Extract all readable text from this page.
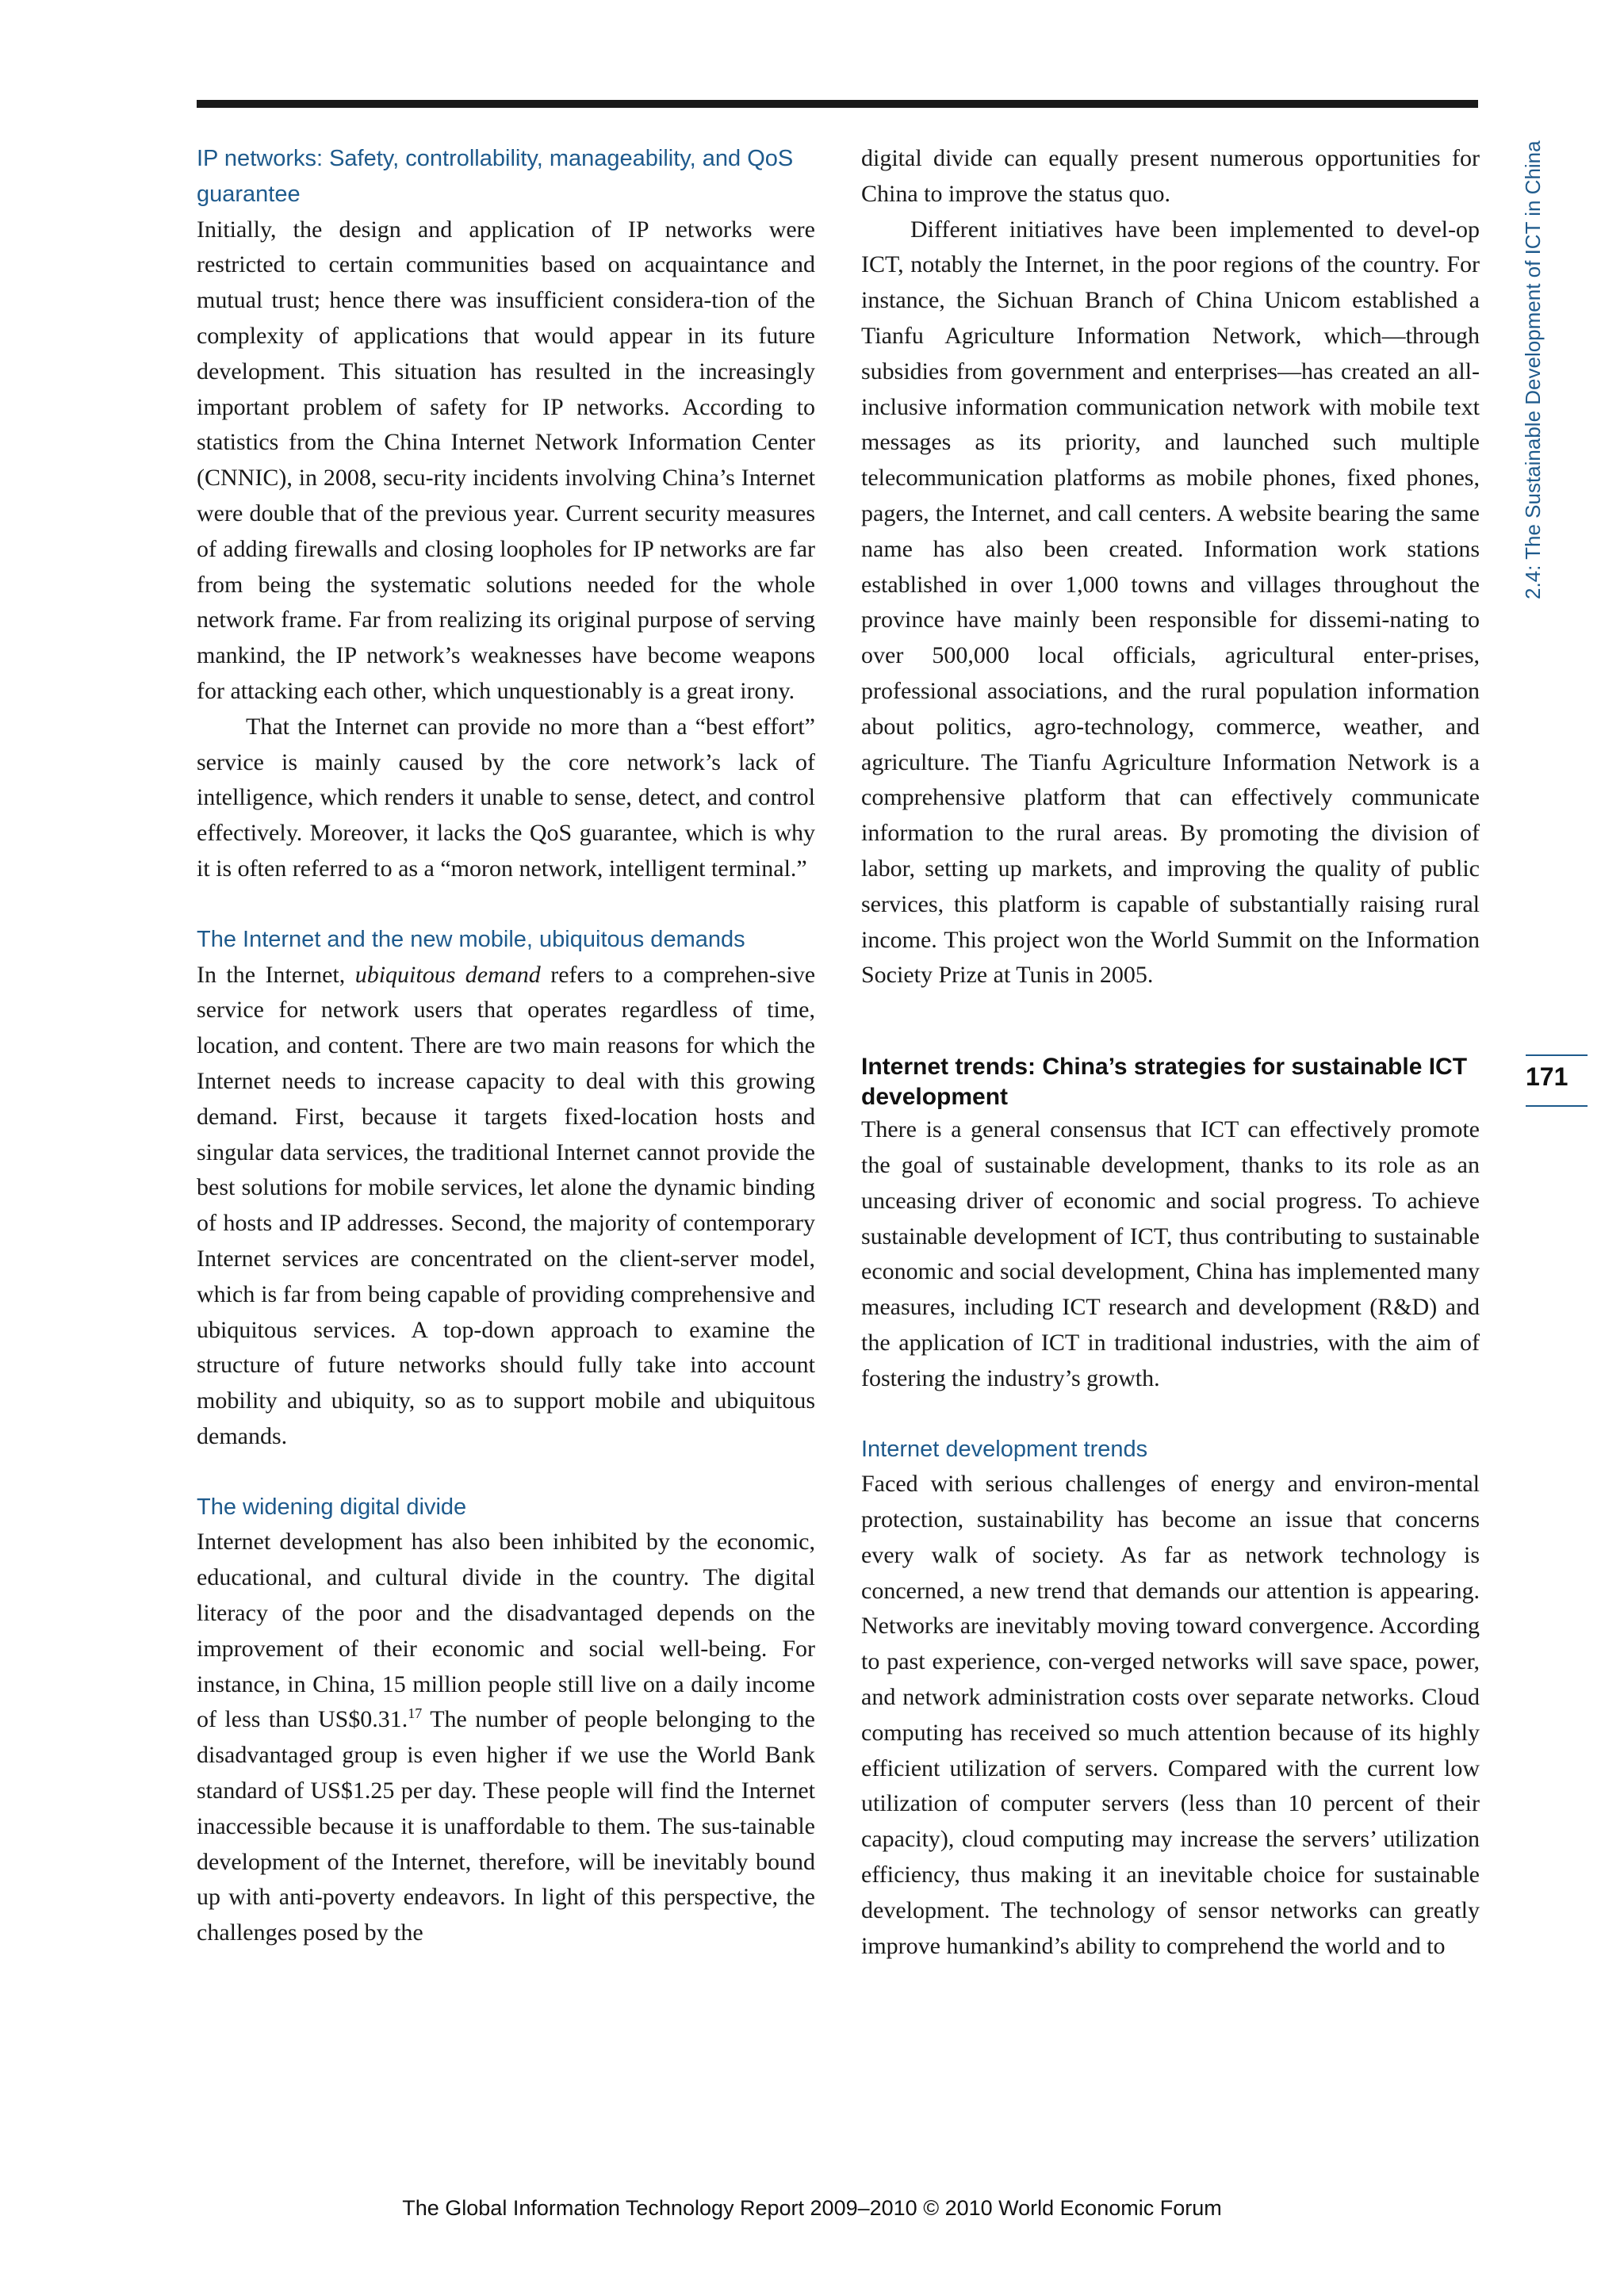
2.4: The Sustainable Development of ICT in China
171
IP networks: Safety, controllability, manageability, and QoS guarantee

Initially, the design and application of IP networks were restricted to certain communities based on acquaintance and mutual trust; hence there was insufficient considera-tion of the complexity of applications that would appear in its future development. This situation has resulted in the increasingly important problem of safety for IP networks. According to statistics from the China Internet Network Information Center (CNNIC), in 2008, secu-rity incidents involving China’s Internet were double that of the previous year. Current security measures of adding firewalls and closing loopholes for IP networks are far from being the systematic solutions needed for the whole network frame. Far from realizing its original purpose of serving mankind, the IP network’s weaknesses have become weapons for attacking each other, which unquestionably is a great irony.

That the Internet can provide no more than a “best effort” service is mainly caused by the core network’s lack of intelligence, which renders it unable to sense, detect, and control effectively. Moreover, it lacks the QoS guarantee, which is why it is often referred to as a “moron network, intelligent terminal.”

The Internet and the new mobile, ubiquitous demands

In the Internet, ubiquitous demand refers to a comprehen-sive service for network users that operates regardless of time, location, and content. There are two main reasons for which the Internet needs to increase capacity to deal with this growing demand. First, because it targets fixed-location hosts and singular data services, the traditional Internet cannot provide the best solutions for mobile services, let alone the dynamic binding of hosts and IP addresses. Second, the majority of contemporary Internet services are concentrated on the client-server model, which is far from being capable of providing comprehensive and ubiquitous services. A top-down approach to examine the structure of future networks should fully take into account mobility and ubiquity, so as to support mobile and ubiquitous demands.

The widening digital divide

Internet development has also been inhibited by the economic, educational, and cultural divide in the country. The digital literacy of the poor and the disadvantaged depends on the improvement of their economic and social well-being. For instance, in China, 15 million people still live on a daily income of less than US$0.31.17 The number of people belonging to the disadvantaged group is even higher if we use the World Bank standard of US$1.25 per day. These people will find the Internet inaccessible because it is unaffordable to them. The sus-tainable development of the Internet, therefore, will be inevitably bound up with anti-poverty endeavors. In light of this perspective, the challenges posed by the

digital divide can equally present numerous opportunities for China to improve the status quo.

Different initiatives have been implemented to devel-op ICT, notably the Internet, in the poor regions of the country. For instance, the Sichuan Branch of China Unicom established a Tianfu Agriculture Information Network, which—through subsidies from government and enterprises—has created an all-inclusive information communication network with mobile text messages as its priority, and launched such multiple telecommunication platforms as mobile phones, fixed phones, pagers, the Internet, and call centers. A website bearing the same name has also been created. Information work stations established in over 1,000 towns and villages throughout the province have mainly been responsible for dissemi-nating to over 500,000 local officials, agricultural enter-prises, professional associations, and the rural population information about politics, agro-technology, commerce, weather, and agriculture. The Tianfu Agriculture Information Network is a comprehensive platform that can effectively communicate information to the rural areas. By promoting the division of labor, setting up markets, and improving the quality of public services, this platform is capable of substantially raising rural income. This project won the World Summit on the Information Society Prize at Tunis in 2005.

Internet trends: China’s strategies for sustainable ICT development

There is a general consensus that ICT can effectively promote the goal of sustainable development, thanks to its role as an unceasing driver of economic and social progress. To achieve sustainable development of ICT, thus contributing to sustainable economic and social development, China has implemented many measures, including ICT research and development (R&D) and the application of ICT in traditional industries, with the aim of fostering the industry’s growth.

Internet development trends

Faced with serious challenges of energy and environ-mental protection, sustainability has become an issue that concerns every walk of society. As far as network technology is concerned, a new trend that demands our attention is appearing. Networks are inevitably moving toward convergence. According to past experience, con-verged networks will save space, power, and network administration costs over separate networks. Cloud computing has received so much attention because of its highly efficient utilization of servers. Compared with the current low utilization of computer servers (less than 10 percent of their capacity), cloud computing may increase the servers’ utilization efficiency, thus making it an inevitable choice for sustainable development. The technology of sensor networks can greatly improve humankind’s ability to comprehend the world and to

The Global Information Technology Report 2009–2010 © 2010 World Economic Forum
